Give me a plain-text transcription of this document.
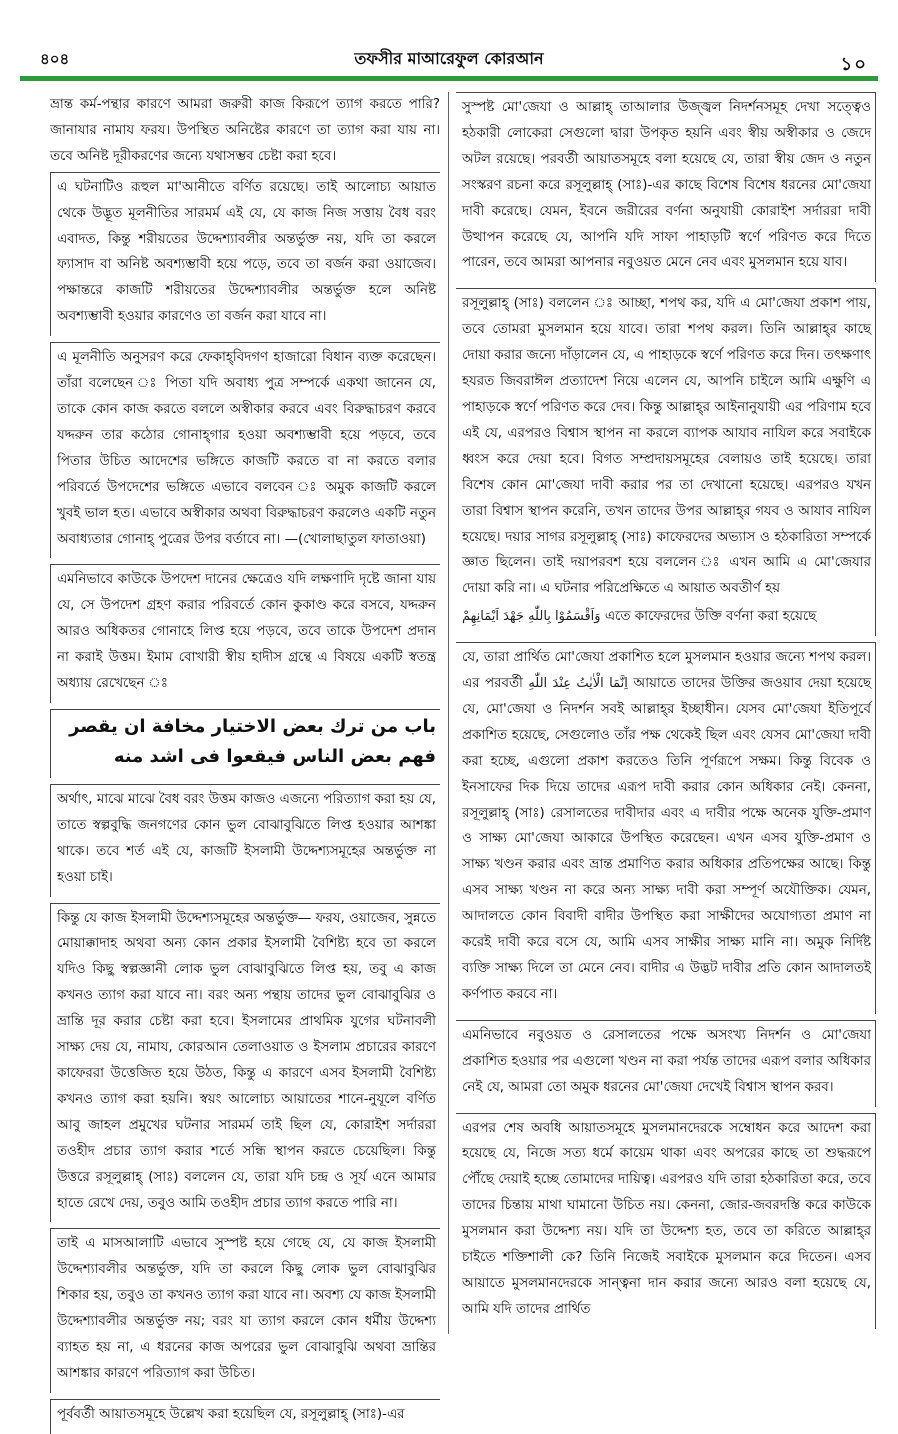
৪০৪	তফসীর মাআরেফুল কোরআন	১০

ভ্রান্ত কর্ম-পন্থার কারণে আমরা জরুরী কাজ কিরূপে ত্যাগ করতে পারি? জানাযার নামায ফরয। উপস্থিত অনিষ্টের কারণে তা ত্যাগ করা যায় না। তবে অনিষ্ট দূরীকরণের জন্যে যথাসম্ভব চেষ্টা করা হবে।

এ ঘটনাটিও রূহুল মা'আনীতে বর্ণিত রয়েছে। তাই আলোচ্য আয়াত থেকে উদ্ভূত মূলনীতির সারমর্ম এই যে, যে কাজ নিজ সত্তায় বৈধ বরং এবাদত, কিন্তু শরীয়তের উদ্দেশ্যাবলীর অন্তর্ভুক্ত নয়, যদি তা করলে ফ্যাসাদ বা অনিষ্ট অবশ্যম্ভাবী হয়ে পড়ে, তবে তা বর্জন করা ওয়াজেব। পক্ষান্তরে কাজটি শরীয়তের উদ্দেশ্যাবলীর অন্তর্ভুক্ত হলে অনিষ্ট অবশ্যম্ভাবী হওয়ার কারণেও তা বর্জন করা যাবে না।

এ মূলনীতি অনুসরণ করে ফেকাহ্‌বিদগণ হাজারো বিধান ব্যক্ত করেছেন। তাঁরা বলেছেন ঃ পিতা যদি অবাধ্য পুত্র সম্পর্কে একথা জানেন যে, তাকে কোন কাজ করতে বললে অস্বীকার করবে এবং বিরুদ্ধাচরণ করবে যদ্দরুন তার কঠোর গোনাহ্‌গার হওয়া অবশ্যম্ভাবী হয়ে পড়বে, তবে পিতার উচিত আদেশের ভঙ্গিতে কাজটি করতে বা না করতে বলার পরিবর্তে উপদেশের ভঙ্গিতে এভাবে বলবেন ঃ অমুক কাজটি করলে খুবই ভাল হত। এভাবে অস্বীকার অথবা বিরুদ্ধাচরণ করলেও একটি নতুন অবাধ্যতার গোনাহ্ পুত্রের উপর বর্তাবে না। —(খোলাছাতুল ফাতাওয়া)

এমনিভাবে কাউকে উপদেশ দানের ক্ষেত্রেও যদি লক্ষণাদি দৃষ্টে জানা যায় যে, সে উপদেশ গ্রহণ করার পরিবর্তে কোন কুকাণ্ড করে বসবে, যদ্দরুন আরও অধিকতর গোনাহে লিপ্ত হয়ে পড়বে, তবে তাকে উপদেশ প্রদান না করাই উত্তম। ইমাম বোখারী স্বীয় হাদীস গ্রন্থে এ বিষয়ে একটি স্বতন্ত্র অধ্যায় রেখেছেন ঃ

باب من ترك بعض الاختيار مخافة ان يقصر فهم بعض الناس فيقعوا فى اشد منه

অর্থাৎ, মাঝে মাঝে বৈধ বরং উত্তম কাজও এজন্যে পরিত্যাগ করা হয় যে, তাতে স্বল্পবুদ্ধি জনগণের কোন ভুল বোঝাবুঝিতে লিপ্ত হওয়ার আশঙ্কা থাকে। তবে শর্ত এই যে, কাজটি ইসলামী উদ্দেশ্যসমূহের অন্তর্ভুক্ত না হওয়া চাই।

কিন্তু যে কাজ ইসলামী উদ্দেশ্যসমূহের অন্তর্ভুক্ত— ফরয, ওয়াজেব, সুন্নতে মোয়াক্কাদাহ অথবা অন্য কোন প্রকার ইসলামী বৈশিষ্ট্য হবে তা করলে যদিও কিছু স্বল্পজ্ঞানী লোক ভুল বোঝাবুঝিতে লিপ্ত হয়, তবু এ কাজ কখনও ত্যাগ করা যাবে না। বরং অন্য পন্থায় তাদের ভুল বোঝাবুঝির ও ভ্রান্তি দূর করার চেষ্টা করা হবে। ইসলামের প্রাথমিক যুগের ঘটনাবলী সাক্ষ্য দেয় যে, নামায, কোরআন তেলাওয়াত ও ইসলাম প্রচারের কারণে কাফেররা উত্তেজিত হয়ে উঠত, কিন্তু এ কারণে এসব ইসলামী বৈশিষ্ট্য কখনও ত্যাগ করা হয়নি। স্বয়ং আলোচ্য আয়াতের শানে-নুযূলে বর্ণিত আবু জাহল প্রমুখের ঘটনার সারমর্ম তাই ছিল যে, কোরাইশ সর্দাররা তওহীদ প্রচার ত্যাগ করার শর্তে সন্ধি স্থাপন করতে চেয়েছিল। কিন্তু উত্তরে রসূলুল্লাহ্ (সাঃ) বললেন যে, তারা যদি চন্দ্র ও সূর্য এনে আমার হাতে রেখে দেয়, তবুও আমি তওহীদ প্রচার ত্যাগ করতে পারি না।

তাই এ মাসআলাটি এভাবে সুস্পষ্ট হয়ে গেছে যে, যে কাজ ইসলামী উদ্দেশ্যাবলীর অন্তর্ভুক্ত, যদি তা করলে কিছু লোক ভুল বোঝাবুঝির শিকার হয়, তবুও তা কখনও ত্যাগ করা যাবে না। অবশ্য যে কাজ ইসলামী উদ্দেশ্যাবলীর অন্তর্ভুক্ত নয়; বরং যা ত্যাগ করলে কোন ধর্মীয় উদ্দেশ্য ব্যাহত হয় না, এ ধরনের কাজ অপরের ভুল বোঝাবুঝি অথবা ভ্রান্তির আশঙ্কার কারণে পরিত্যাগ করা উচিত।

পূর্ববর্তী আয়াতসমূহে উল্লেখ করা হয়েছিল যে, রসূলুল্লাহ্ (সাঃ)-এর

সুস্পষ্ট মো'জেযা ও আল্লাহ্ তাআলার উজ্জ্বল নিদর্শনসমূহ দেখা সত্ত্বেও হঠকারী লোকেরা সেগুলো দ্বারা উপকৃত হয়নি এবং স্বীয় অস্বীকার ও জেদে অটল রয়েছে। পরবর্তী আয়াতসমূহে বলা হয়েছে যে, তারা স্বীয় জেদ ও নতুন সংস্করণ রচনা করে রসূলুল্লাহ্ (সাঃ)-এর কাছে বিশেষ বিশেষ ধরনের মো'জেযা দাবী করেছে। যেমন, ইবনে জরীরের বর্ণনা অনুযায়ী কোরাইশ সর্দাররা দাবী উত্থাপন করেছে যে, আপনি যদি সাফা পাহাড়টি স্বর্ণে পরিণত করে দিতে পারেন, তবে আমরা আপনার নবুওয়ত মেনে নেব এবং মুসলমান হয়ে যাব।

রসূলুল্লাহ্ (সাঃ) বললেন ঃ আচ্ছা, শপথ কর, যদি এ মো'জেযা প্রকাশ পায়, তবে তোমরা মুসলমান হয়ে যাবে। তারা শপথ করল। তিনি আল্লাহ্‌র কাছে দোয়া করার জন্যে দাঁড়ালেন যে, এ পাহাড়কে স্বর্ণে পরিণত করে দিন। তৎক্ষণাৎ হযরত জিবরাঈল প্রত্যাদেশ নিয়ে এলেন যে, আপনি চাইলে আমি এক্ষুণি এ পাহাড়কে স্বর্ণে পরিণত করে দেব। কিন্তু আল্লাহ্‌র আইনানুযায়ী এর পরিণাম হবে এই যে, এরপরও বিশ্বাস স্থাপন না করলে ব্যাপক আযাব নাযিল করে সবাইকে ধ্বংস করে দেয়া হবে। বিগত সম্প্রদায়সমূহের বেলায়ও তাই হয়েছে। তারা বিশেষ কোন মো'জেযা দাবী করার পর তা দেখানো হয়েছে। এরপরও যখন তারা বিশ্বাস স্থাপন করেনি, তখন তাদের উপর আল্লাহ্‌র গযব ও আযাব নাযিল হয়েছে। দয়ার সাগর রসূলুল্লাহ্ (সাঃ) কাফেরদের অভ্যাস ও হঠকারিতা সম্পর্কে জ্ঞাত ছিলেন। তাই দয়াপরবশ হয়ে বললেন ঃ এখন আমি এ মো'জেযার দোয়া করি না। এ ঘটনার পরিপ্রেক্ষিতে এ আয়াত অবতীর্ণ হয়

وَاَقْسَمُوْا بِاللّٰهِ جَهْدَ اَيْمَانِهِمْ এতে কাফেরদের উক্তি বর্ণনা করা হয়েছে

যে, তারা প্রার্থিত মো'জেযা প্রকাশিত হলে মুসলমান হওয়ার জন্যে শপথ করল। এর পরবর্তী اِنَّمَا الْاٰيٰتُ عِنْدَ اللّٰهِ আয়াতে তাদের উক্তির জওয়াব দেয়া হয়েছে যে, মো'জেযা ও নিদর্শন সবই আল্লাহ্‌র ইচ্ছাধীন। যেসব মো'জেযা ইতিপূর্বে প্রকাশিত হয়েছে, সেগুলোও তাঁর পক্ষ থেকেই ছিল এবং যেসব মো'জেযা দাবী করা হচ্ছে, এগুলো প্রকাশ করতেও তিনি পূর্ণরূপে সক্ষম। কিন্তু বিবেক ও ইনসাফের দিক দিয়ে তাদের এরূপ দাবী করার কোন অধিকার নেই। কেননা, রসূলুল্লাহ্ (সাঃ) রেসালতের দাবীদার এবং এ দাবীর পক্ষে অনেক যুক্তি-প্রমাণ ও সাক্ষ্য মো'জেযা আকারে উপস্থিত করেছেন। এখন এসব যুক্তি-প্রমাণ ও সাক্ষ্য খণ্ডন করার এবং ভ্রান্ত প্রমাণিত করার অধিকার প্রতিপক্ষের আছে। কিন্তু এসব সাক্ষ্য খণ্ডন না করে অন্য সাক্ষ্য দাবী করা সম্পূর্ণ অযৌক্তিক। যেমন, আদালতে কোন বিবাদী বাদীর উপস্থিত করা সাক্ষীদের অযোগ্যতা প্রমাণ না করেই দাবী করে বসে যে, আমি এসব সাক্ষীর সাক্ষ্য মানি না। অমুক নির্দিষ্ট ব্যক্তি সাক্ষ্য দিলে তা মেনে নেব। বাদীর এ উদ্ভট দাবীর প্রতি কোন আদালতই কর্ণপাত করবে না।

এমনিভাবে নবুওয়ত ও রেসালতের পক্ষে অসংখ্য নিদর্শন ও মো'জেযা প্রকাশিত হওয়ার পর এগুলো খণ্ডন না করা পর্যন্ত তাদের এরূপ বলার অধিকার নেই যে, আমরা তো অমুক ধরনের মো'জেযা দেখেই বিশ্বাস স্থাপন করব।

এরপর শেষ অবধি আয়াতসমূহে মুসলমানদেরকে সম্বোধন করে আদেশ করা হয়েছে যে, নিজে সত্য ধর্মে কায়েম থাকা এবং অপরের কাছে তা শুদ্ধরূপে পৌঁছে দেয়াই হচ্ছে তোমাদের দায়িত্ব। এরপরও যদি তারা হঠকারিতা করে, তবে তাদের চিন্তায় মাথা ঘামানো উচিত নয়। কেননা, জোর-জবরদস্তি করে কাউকে মুসলমান করা উদ্দেশ্য নয়। যদি তা উদ্দেশ্য হত, তবে তা করিতে আল্লাহ্‌র চাইতে শক্তিশালী কে? তিনি নিজেই সবাইকে মুসলমান করে দিতেন। এসব আয়াতে মুসলমানদেরকে সান্ত্বনা দান করার জন্যে আরও বলা হয়েছে যে, আমি যদি তাদের প্রার্থিত
